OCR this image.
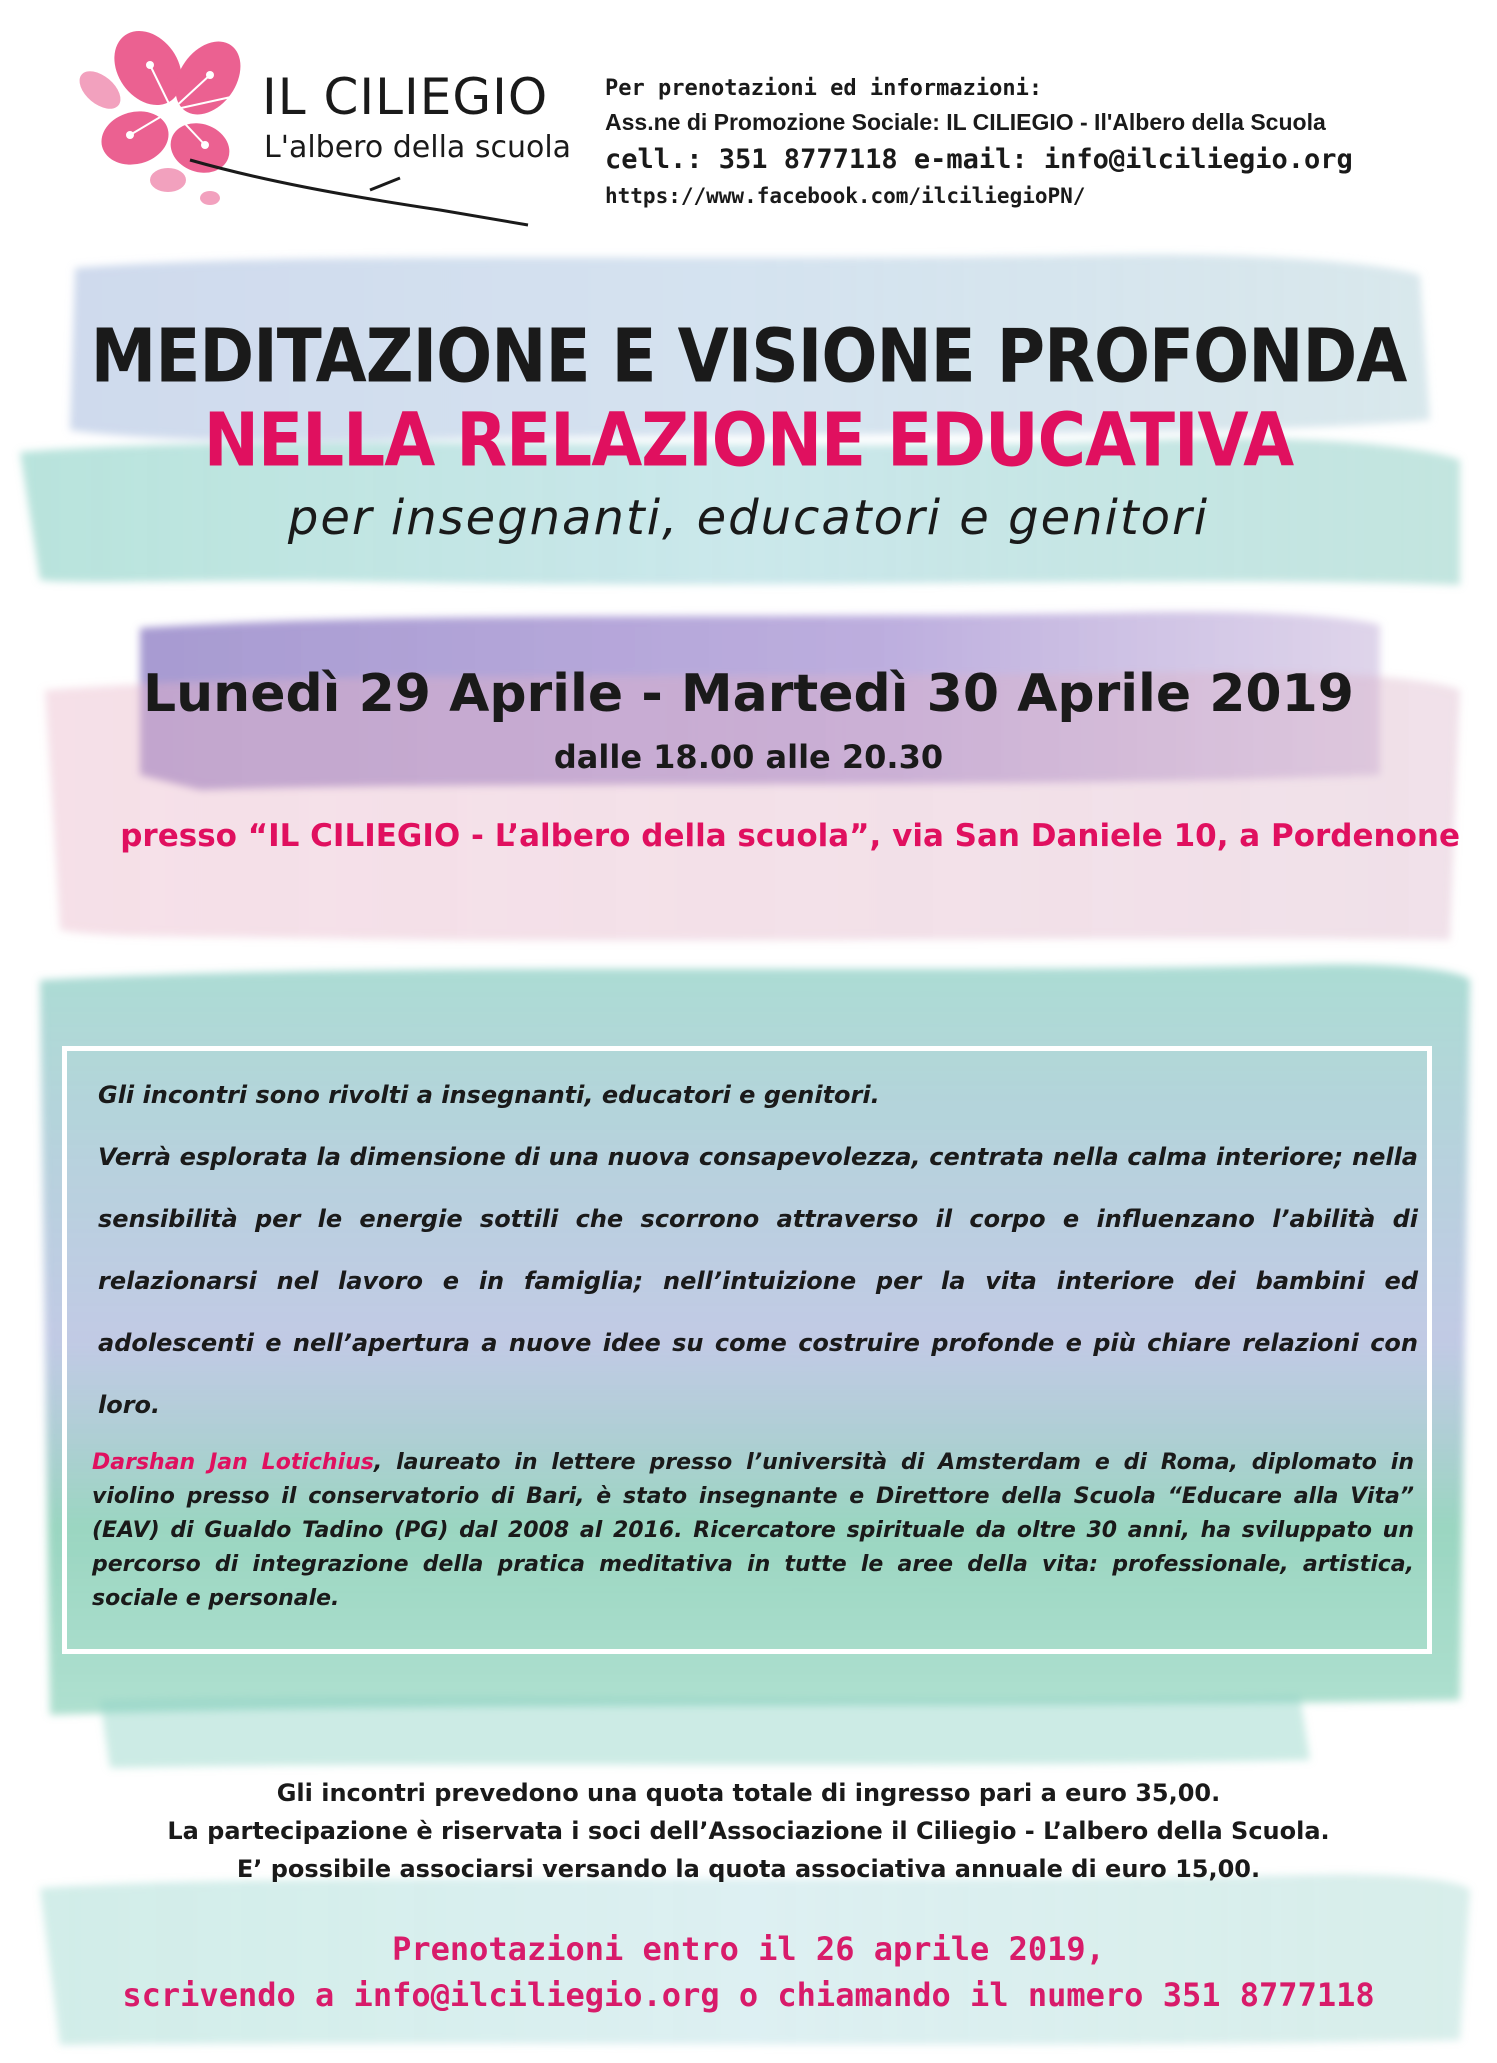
IL CILIEGIO
L'albero della scuola
Per prenotazioni ed informazioni:
Ass.ne di Promozione Sociale: IL CILIEGIO - Il'Albero della Scuola
cell.: 351 8777118 e-mail: info@ilciliegio.org
https://www.facebook.com/ilciliegioPN/
MEDITAZIONE E VISIONE PROFONDA
NELLA RELAZIONE EDUCATIVA
per insegnanti, educatori e genitori
Lunedì 29 Aprile - Martedì 30 Aprile 2019
dalle 18.00 alle 20.30
presso “IL CILIEGIO - L’albero della scuola”, via San Daniele 10, a Pordenone

Gli incontri sono rivolti a insegnanti, educatori e genitori.

Verrà esplorata la dimensione di una nuova consapevolezza, centrata nella calma interiore; nella sensibilità per le energie sottili che scorrono attraverso il corpo e influenzano l’abilità di relazionarsi nel lavoro e in famiglia; nell’intuizione per la vita interiore dei bambini ed adolescenti e nell’apertura a nuove idee su come costruire profonde e più chiare relazioni con loro.

Darshan Jan Lotichius, laureato in lettere presso l’università di Amsterdam e di Roma, diplomato in violino presso il conservatorio di Bari, è stato insegnante e Direttore della Scuola “Educare alla Vita” (EAV) di Gualdo Tadino (PG) dal 2008 al 2016. Ricercatore spirituale da oltre 30 anni, ha sviluppato un percorso di integrazione della pratica meditativa in tutte le aree della vita: professionale, artistica, sociale e personale.
Gli incontri prevedono una quota totale di ingresso pari a euro 35,00.
La partecipazione è riservata i soci dell’Associazione il Ciliegio - L’albero della Scuola.
E’ possibile associarsi versando la quota associativa annuale di euro 15,00.
Prenotazioni entro il 26 aprile 2019,
scrivendo a info@ilciliegio.org o chiamando il numero 351 8777118
